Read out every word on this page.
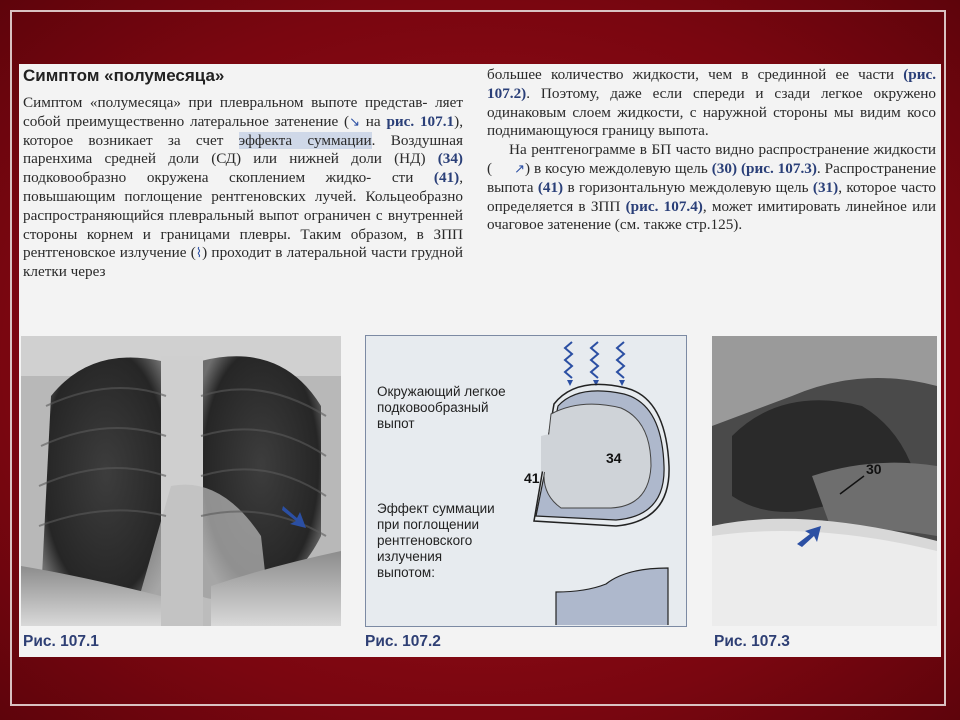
Симптом «полумесяца»

Симптом «полумесяца» при плевральном выпоте представ- ляет собой преимущественно латеральное затенение (↘ на рис. 107.1), которое возникает за счет эффекта суммации. Воздушная паренхима средней доли (СД) или нижней доли (НД) (34) подковообразно окружена скоплением жидко- сти (41), повышающим поглощение рентгеновских лучей. Кольцеобразно распространяющийся плевральный выпот ограничен с внутренней стороны корнем и границами плевры. Таким образом, в ЗПП рентгеновское излучение (⌇) проходит в латеральной части грудной клетки через

большее количество жидкости, чем в срединной ее части (рис. 107.2). Поэтому, даже если спереди и сзади легкое окружено одинаковым слоем жидкости, с наружной стороны мы видим косо поднимающуюся границу выпота.

На рентгенограмме в БП часто видно распространение жидкости ( ↗) в косую междолевую щель (30) (рис. 107.3). Распространение выпота (41) в горизонтальную междолевую щель (31), которое часто определяется в ЗПП (рис. 107.4), может имитировать линейное или очаговое затенение (см. также стр.125).

Окружающий легкое
подковообразный
выпот
Эффект суммации
при поглощении
рентгеновского
излучения
выпотом:
34
41
30
Рис. 107.1	Рис. 107.2	Рис. 107.3
